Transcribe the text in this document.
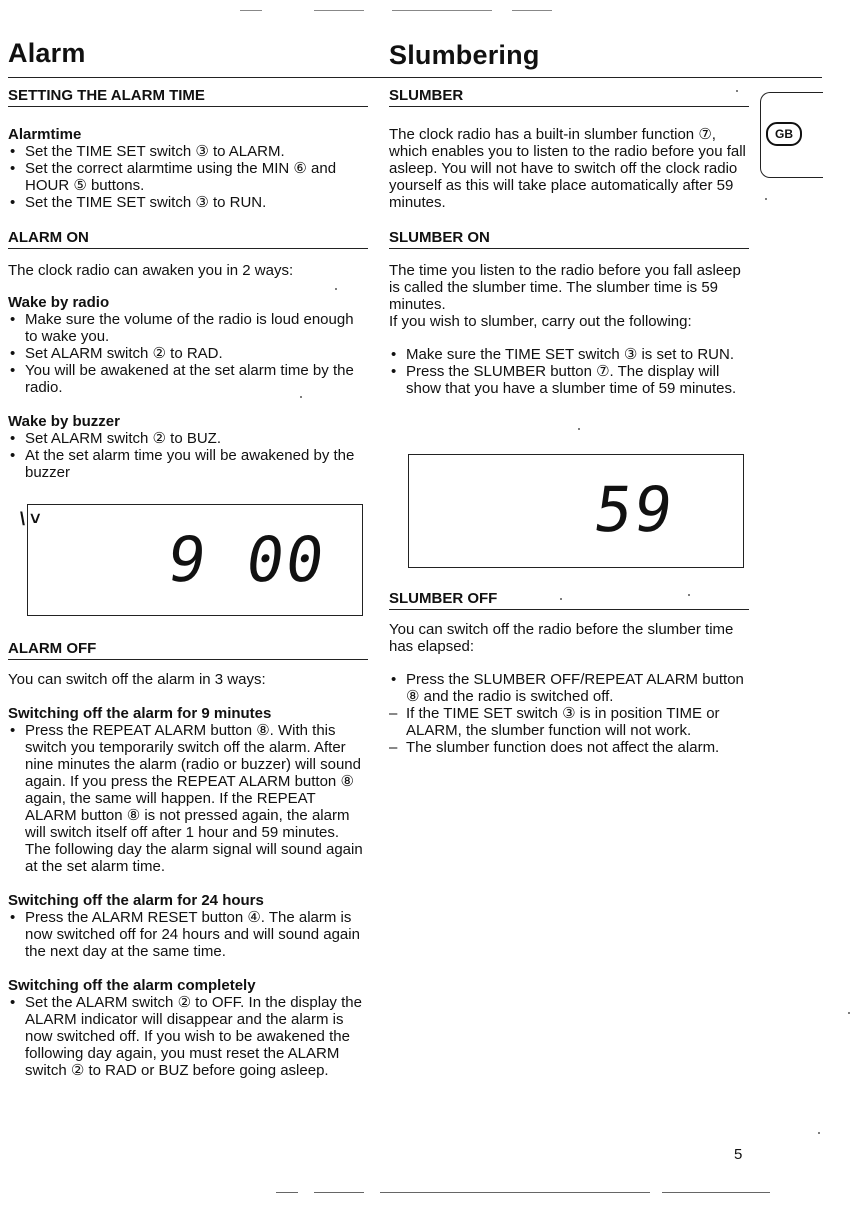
Alarm	Slumbering
GB
SETTING THE ALARM TIME

Alarmtime

• Set the TIME SET switch ③ to ALARM.
• Set the correct alarmtime using the MIN ⑥ and HOUR ⑤ buttons.
• Set the TIME SET switch ③ to RUN.
ALARM ON

The clock radio can awaken you in 2 ways:

Wake by radio

• Make sure the volume of the radio is loud enough to wake you.
• Set ALARM switch ② to RAD.
• You will be awakened at the set alarm time by the radio.

Wake by buzzer

• Set ALARM switch ② to BUZ.
• At the set alarm time you will be awakened by the buzzer
\ ˅
9 00
ALARM OFF

You can switch off the alarm in 3 ways:

Switching off the alarm for 9 minutes

• Press the REPEAT ALARM button ⑧. With this switch you temporarily switch off the alarm. After nine minutes the alarm (radio or buzzer) will sound again. If you press the REPEAT ALARM button ⑧ again, the same will happen. If the REPEAT ALARM button ⑧ is not pressed again, the alarm will switch itself off after 1 hour and 59 minutes. The following day the alarm signal will sound again at the set alarm time.

Switching off the alarm for 24 hours

• Press the ALARM RESET button ④. The alarm is now switched off for 24 hours and will sound again the next day at the same time.

Switching off the alarm completely

• Set the ALARM switch ② to OFF. In the display the ALARM indicator will disappear and the alarm is now switched off. If you wish to be awakened the following day again, you must reset the ALARM switch ② to RAD or BUZ before going asleep.
SLUMBER

The clock radio has a built-in slumber function ⑦, which enables you to listen to the radio before you fall asleep. You will not have to switch off the clock radio yourself as this will take place automatically after 59 minutes.

SLUMBER ON

The time you listen to the radio before you fall asleep is called the slumber time. The slumber time is 59 minutes.

If you wish to slumber, carry out the following:

• Make sure the TIME SET switch ③ is set to RUN.
• Press the SLUMBER button ⑦. The display will show that you have a slumber time of 59 minutes.
59
SLUMBER OFF

You can switch off the radio before the slumber time has elapsed:

• Press the SLUMBER OFF/REPEAT ALARM button ⑧ and the radio is switched off.
– If the TIME SET switch ③ is in position TIME or ALARM, the slumber function will not work.
– The slumber function does not affect the alarm.
5
